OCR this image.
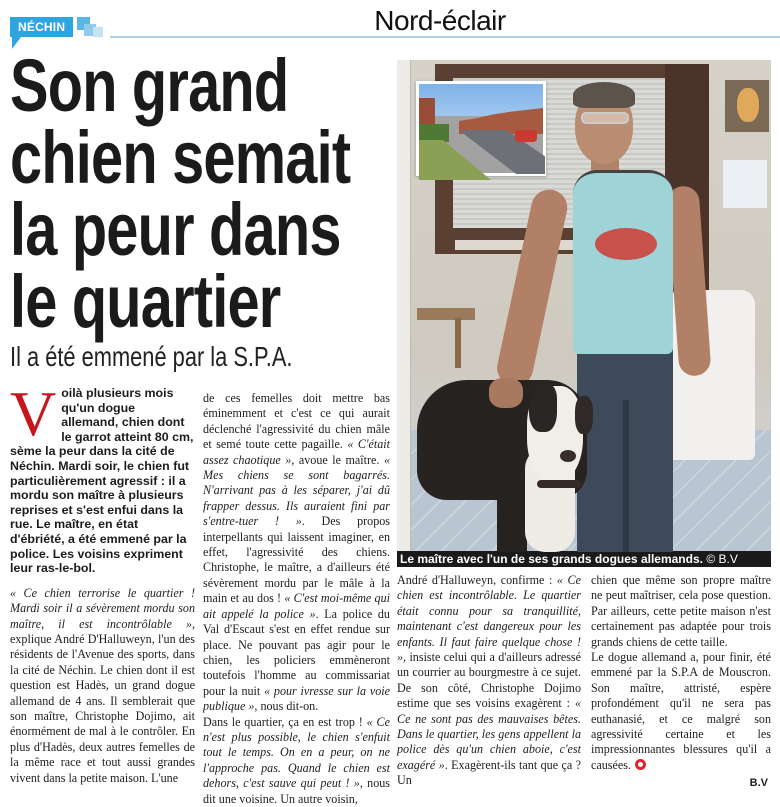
NÉCHIN	Nord-éclair
Son grand
chien semait
la peur dans
le quartier
Il a été emmené par la S.P.A.
Voilà plusieurs mois qu'un dogue allemand, chien dont le garrot atteint 80 cm, sème la peur dans la cité de Néchin. Mardi soir, le chien fut particulièrement agressif : il a mordu son maître à plusieurs reprises et s'est enfui dans la rue. Le maître, en état d'ébriété, a été emmené par la police. Les voisins expriment leur ras-le-bol.

« Ce chien terrorise le quartier ! Mardi soir il a sévèrement mordu son maître, il est incontrôlable », explique André D'Halluweyn, l'un des résidents de l'Avenue des sports, dans la cité de Néchin. Le chien dont il est question est Hadès, un grand dogue allemand de 4 ans. Il semblerait que son maître, Christophe Dojimo, ait énormément de mal à le contrôler. En plus d'Hadès, deux autres femelles de la même race et tout aussi grandes vivent dans la petite maison. L'une

de ces femelles doit mettre bas éminemment et c'est ce qui aurait déclenché l'agressivité du chien mâle et semé toute cette pagaille. « C'était assez chaotique », avoue le maître. « Mes chiens se sont bagarrés. N'arrivant pas à les séparer, j'ai dû frapper dessus. Ils auraient fini par s'entre-tuer ! ». Des propos interpellants qui laissent imaginer, en effet, l'agressivité des chiens. Christophe, le maître, a d'ailleurs été sévèrement mordu par le mâle à la main et au dos ! « C'est moi-même qui ait appelé la police ». La police du Val d'Escaut s'est en effet rendue sur place. Ne pouvant pas agir pour le chien, les policiers emmèneront toutefois l'homme au commissariat pour la nuit « pour ivresse sur la voie publique », nous dit-on.

Dans le quartier, ça en est trop ! « Ce n'est plus possible, le chien s'enfuit tout le temps. On en a peur, on ne l'approche pas. Quand le chien est dehors, c'est sauve qui peut ! », nous dit une voisine. Un autre voisin,

Le maître avec l'un de ses grands dogues allemands. © B.V

André d'Halluweyn, confirme : « Ce chien est incontrôlable. Le quartier était connu pour sa tranquillité, maintenant c'est dangereux pour les enfants. Il faut faire quelque chose ! », insiste celui qui a d'ailleurs adressé un courrier au bourgmestre à ce sujet. De son côté, Christophe Dojimo estime que ses voisins exagèrent : « Ce ne sont pas des mauvaises bêtes. Dans le quartier, les gens appellent la police dès qu'un chien aboie, c'est exagéré ». Exagèrent-ils tant que ça ? Un

chien que même son propre maître ne peut maîtriser, cela pose question. Par ailleurs, cette petite maison n'est certainement pas adaptée pour trois grands chiens de cette taille.

Le dogue allemand a, pour finir, été emmené par la S.P.A de Mouscron. Son maître, attristé, espère profondément qu'il ne sera pas euthanasié, et ce malgré son agressivité certaine et les impressionnantes blessures qu'il a causées.

B.V
